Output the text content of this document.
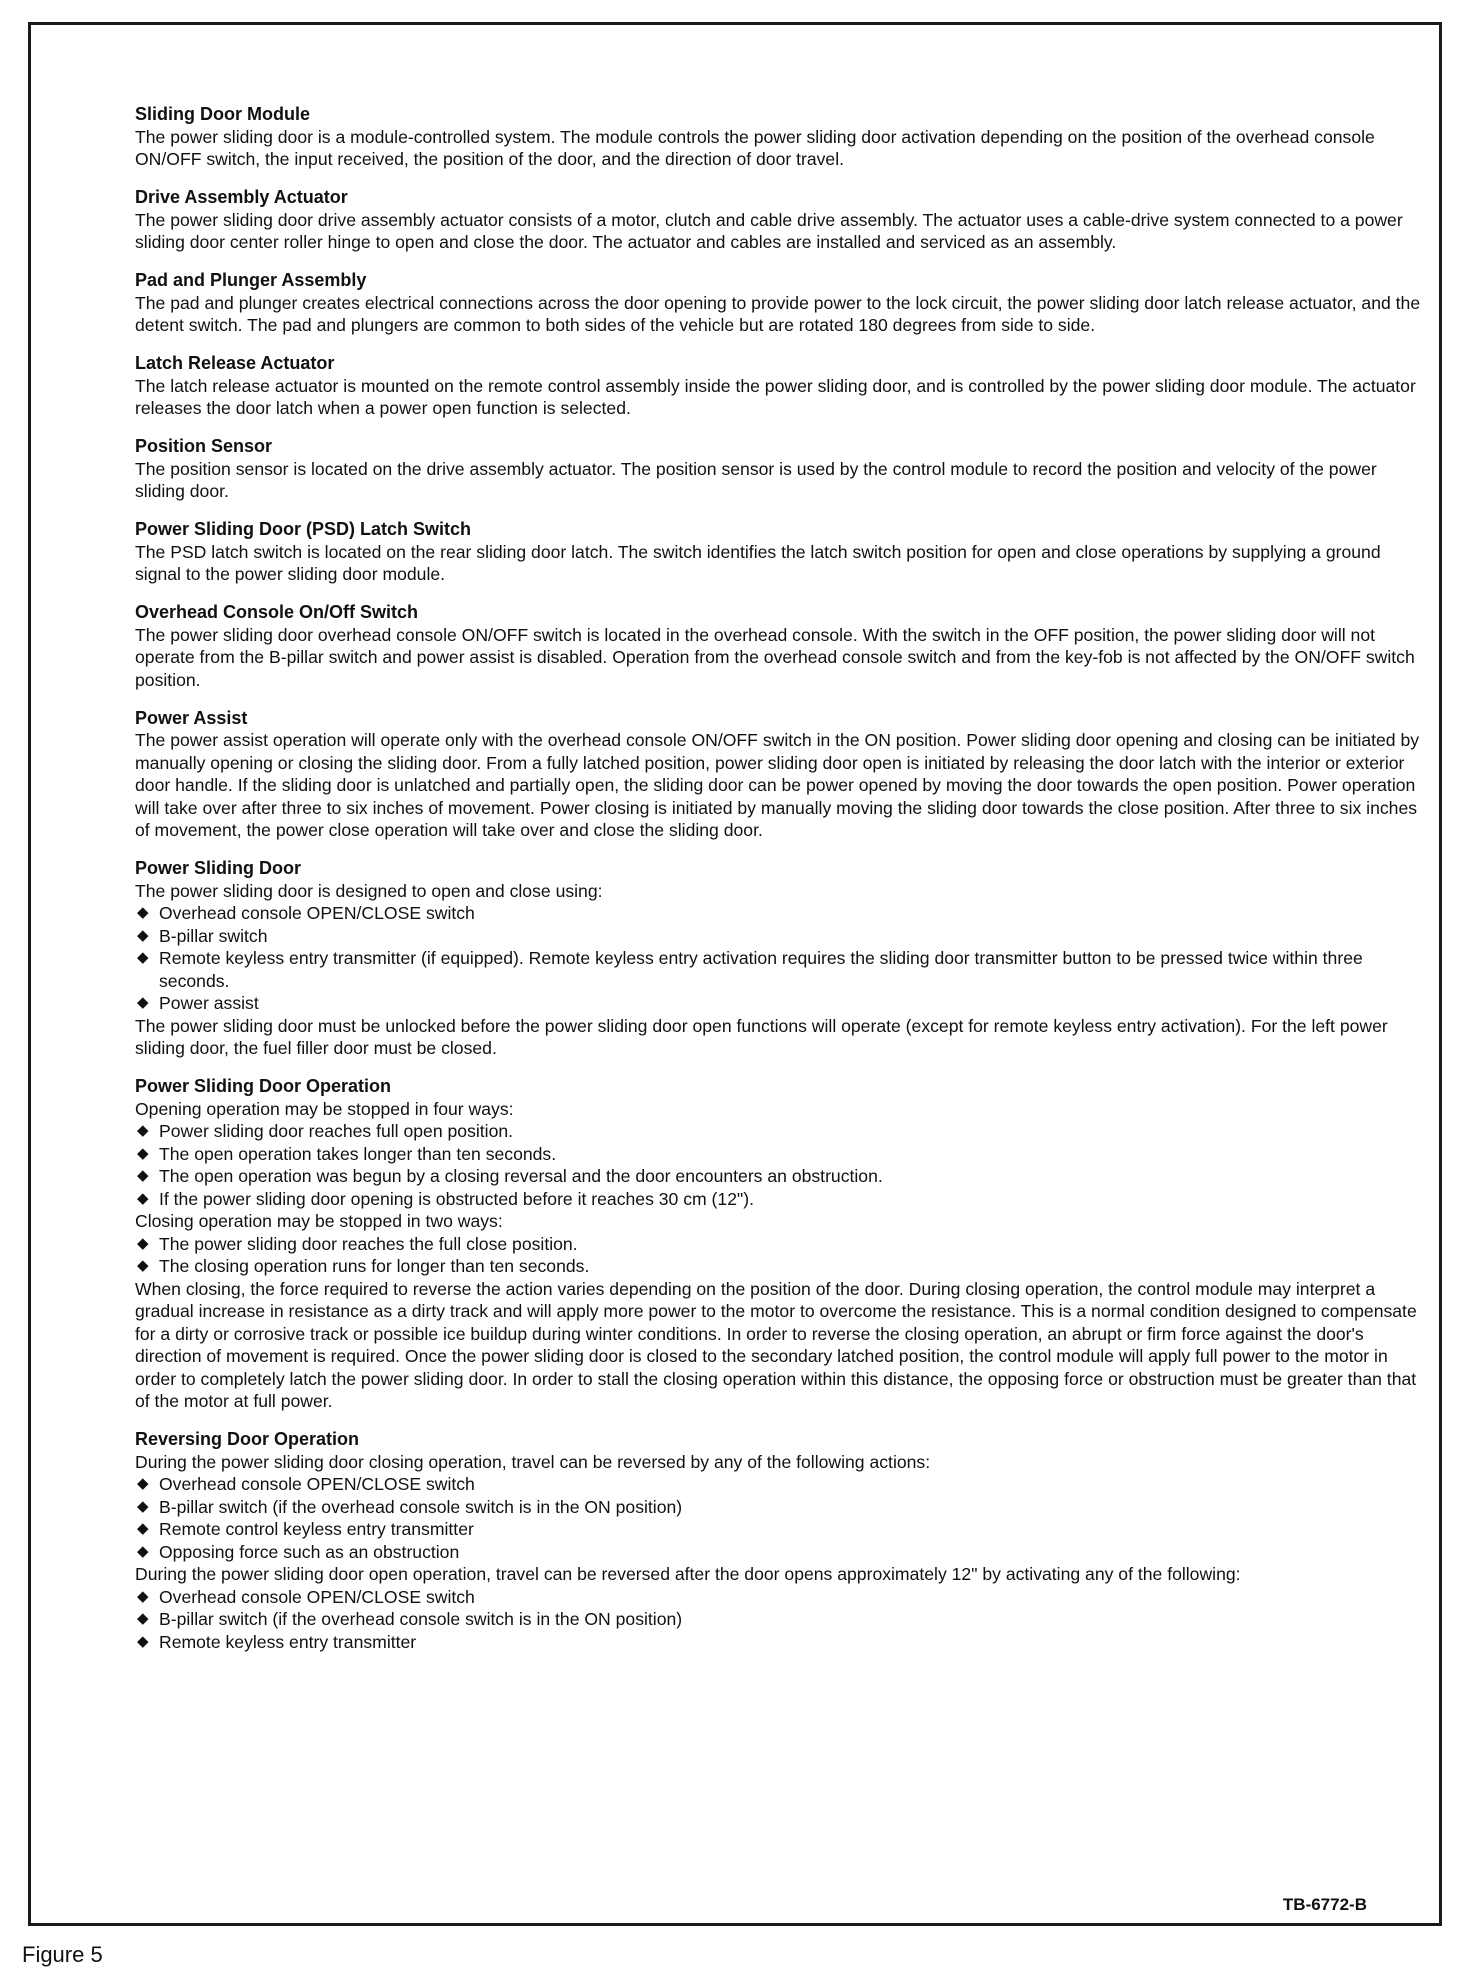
Sliding Door Module

The power sliding door is a module-controlled system. The module controls the power sliding door activation depending on the position of the overhead console ON/OFF switch, the input received, the position of the door, and the direction of door travel.

Drive Assembly Actuator

The power sliding door drive assembly actuator consists of a motor, clutch and cable drive assembly. The actuator uses a cable-drive system connected to a power sliding door center roller hinge to open and close the door. The actuator and cables are installed and serviced as an assembly.

Pad and Plunger Assembly

The pad and plunger creates electrical connections across the door opening to provide power to the lock circuit, the power sliding door latch release actuator, and the detent switch. The pad and plungers are common to both sides of the vehicle but are rotated 180 degrees from side to side.

Latch Release Actuator

The latch release actuator is mounted on the remote control assembly inside the power sliding door, and is controlled by the power sliding door module. The actuator releases the door latch when a power open function is selected.

Position Sensor

The position sensor is located on the drive assembly actuator. The position sensor is used by the control module to record the position and velocity of the power sliding door.

Power Sliding Door (PSD) Latch Switch

The PSD latch switch is located on the rear sliding door latch. The switch identifies the latch switch position for open and close operations by supplying a ground signal to the power sliding door module.

Overhead Console On/Off Switch

The power sliding door overhead console ON/OFF switch is located in the overhead console. With the switch in the OFF position, the power sliding door will not operate from the B-pillar switch and power assist is disabled. Operation from the overhead console switch and from the key-fob is not affected by the ON/OFF switch position.

Power Assist

The power assist operation will operate only with the overhead console ON/OFF switch in the ON position. Power sliding door opening and closing can be initiated by manually opening or closing the sliding door. From a fully latched position, power sliding door open is initiated by releasing the door latch with the interior or exterior door handle. If the sliding door is unlatched and partially open, the sliding door can be power opened by moving the door towards the open position. Power operation will take over after three to six inches of movement. Power closing is initiated by manually moving the sliding door towards the close position. After three to six inches of movement, the power close operation will take over and close the sliding door.

Power Sliding Door

The power sliding door is designed to open and close using:

◆ Overhead console OPEN/CLOSE switch
◆ B-pillar switch
◆ Remote keyless entry transmitter (if equipped). Remote keyless entry activation requires the sliding door transmitter button to be pressed twice within three seconds.
◆ Power assist

The power sliding door must be unlocked before the power sliding door open functions will operate (except for remote keyless entry activation). For the left power sliding door, the fuel filler door must be closed.

Power Sliding Door Operation

Opening operation may be stopped in four ways:

◆ Power sliding door reaches full open position.
◆ The open operation takes longer than ten seconds.
◆ The open operation was begun by a closing reversal and the door encounters an obstruction.
◆ If the power sliding door opening is obstructed before it reaches 30 cm (12").

Closing operation may be stopped in two ways:

◆ The power sliding door reaches the full close position.
◆ The closing operation runs for longer than ten seconds.

When closing, the force required to reverse the action varies depending on the position of the door. During closing operation, the control module may interpret a gradual increase in resistance as a dirty track and will apply more power to the motor to overcome the resistance. This is a normal condition designed to compensate for a dirty or corrosive track or possible ice buildup during winter conditions. In order to reverse the closing operation, an abrupt or firm force against the door's direction of movement is required. Once the power sliding door is closed to the secondary latched position, the control module will apply full power to the motor in order to completely latch the power sliding door. In order to stall the closing operation within this distance, the opposing force or obstruction must be greater than that of the motor at full power.

Reversing Door Operation

During the power sliding door closing operation, travel can be reversed by any of the following actions:

◆ Overhead console OPEN/CLOSE switch
◆ B-pillar switch (if the overhead console switch is in the ON position)
◆ Remote control keyless entry transmitter
◆ Opposing force such as an obstruction

During the power sliding door open operation, travel can be reversed after the door opens approximately 12" by activating any of the following:

◆ Overhead console OPEN/CLOSE switch
◆ B-pillar switch (if the overhead console switch is in the ON position)
◆ Remote keyless entry transmitter
TB-6772-B
Figure 5
